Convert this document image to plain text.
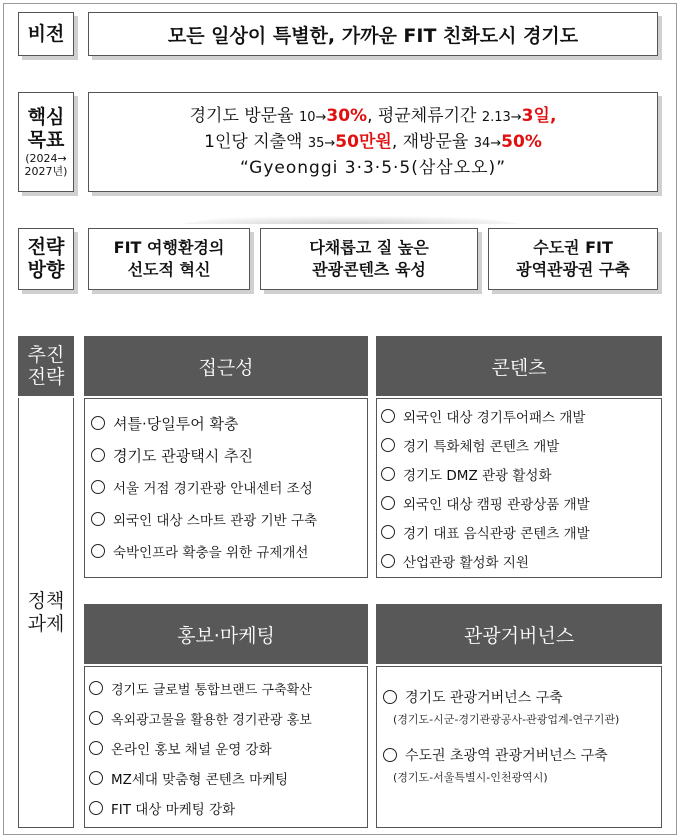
비전	모든 일상이 특별한, 가까운 FIT 친화도시 경기도
핵심
목표
(2024→
2027년)
경기도 방문율 10→30%, 평균체류기간 2.13→3일,
1인당 지출액 35→50만원, 재방문율 34→50%
“Gyeonggi 3·3·5·5(삼삼오오)”
전략
방향
FIT 여행환경의
선도적 혁신
다채롭고 질 높은
관광콘텐츠 육성
수도권 FIT
광역관광권 구축
추진
전략
정책
과제
접근성	콘텐츠
홍보·마케팅	관광거버넌스
셔틀·당일투어 확충
경기도 관광택시 추진
서울 거점 경기관광 안내센터 조성
외국인 대상 스마트 관광 기반 구축
숙박인프라 확충을 위한 규제개선
외국인 대상 경기투어패스 개발
경기 특화체험 콘텐츠 개발
경기도 DMZ 관광 활성화
외국인 대상 캠핑 관광상품 개발
경기 대표 음식관광 콘텐츠 개발
산업관광 활성화 지원
경기도 글로벌 통합브랜드 구축확산
옥외광고물을 활용한 경기관광 홍보
온라인 홍보 채널 운영 강화
MZ세대 맞춤형 콘텐츠 마케팅
FIT 대상 마케팅 강화
경기도 관광거버넌스 구축
(경기도-시군-경기관광공사-관광업계-연구기관)
수도권 초광역 관광거버넌스 구축
(경기도-서울특별시-인천광역시)
